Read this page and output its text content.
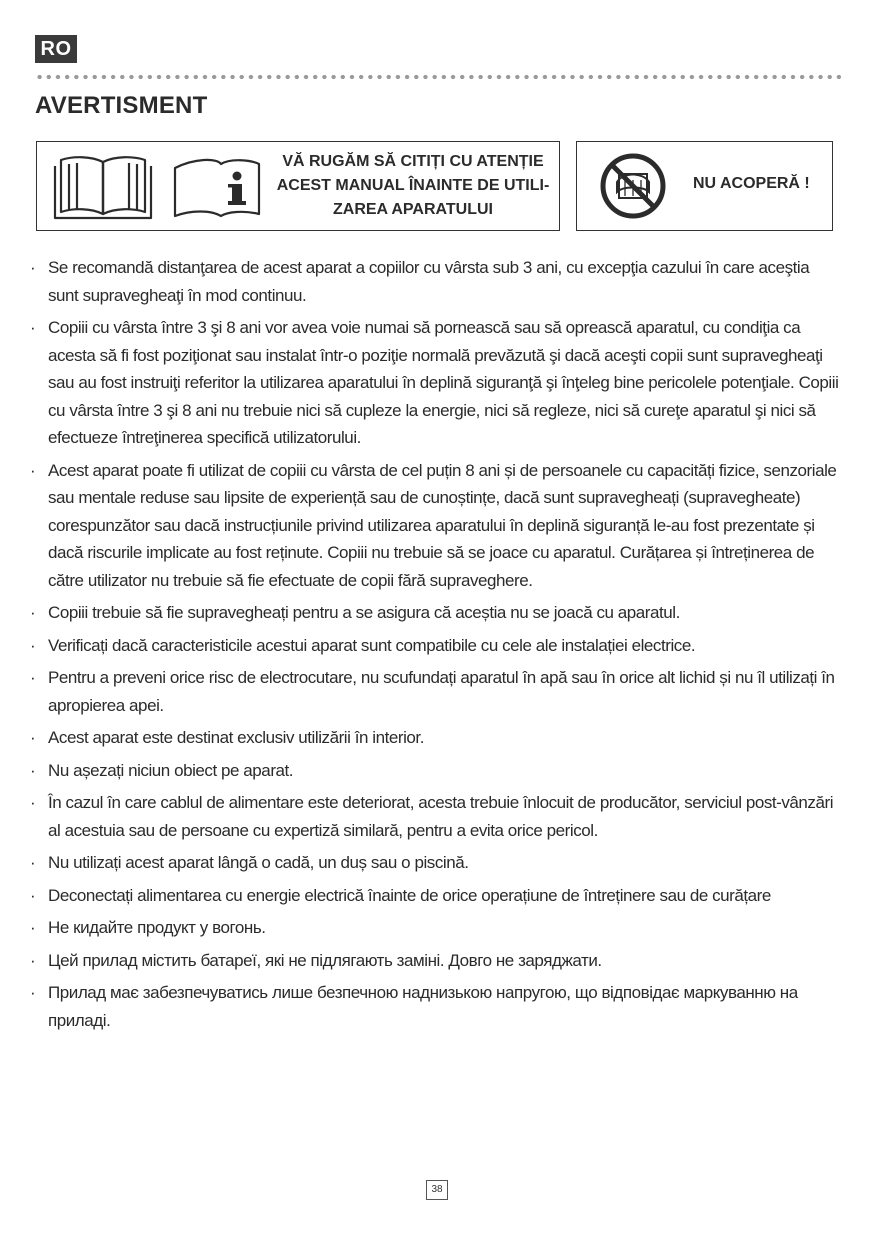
RO
AVERTISMENT
VĂ RUGĂM SĂ CITIȚI CU ATENȚIE
ACEST MANUAL ÎNAINTE DE UTILI-
ZAREA APARATULUI
NU ACOPERĂ !
· Se recomandă distanţarea de acest aparat a copiilor cu vârsta sub 3 ani, cu excepţia cazului în care aceştia sunt supravegheaţi în mod continuu.
· Copiii cu vârsta între 3 şi 8 ani vor avea voie numai să pornească sau să oprească aparatul, cu condiţia ca acesta să fi fost poziţionat sau instalat într-o poziţie normală prevăzută şi dacă aceşti copii sunt supravegheaţi sau au fost instruiţi referitor la utilizarea aparatului în deplină siguranţă şi înţeleg bine pericolele potenţiale. Copiii cu vârsta între 3 şi 8 ani nu trebuie nici să cupleze la energie, nici să regleze, nici să cureţe aparatul şi nici să efectueze întreţinerea specifică utilizatorului.
· Acest aparat poate fi utilizat de copiii cu vârsta de cel puțin 8 ani și de persoanele cu capacități fizice, senzoriale sau mentale reduse sau lipsite de experiență sau de cunoștințe, dacă sunt supravegheați (supravegheate) corespunzător sau dacă instrucțiunile privind utilizarea aparatului în deplină siguranță le-au fost prezentate și dacă riscurile implicate au fost reținute. Copiii nu trebuie să se joace cu aparatul. Curățarea și întreținerea de către utilizator nu trebuie să fie efectuate de copii fără supraveghere.
· Copiii trebuie să fie supravegheați pentru a se asigura că aceștia nu se joacă cu aparatul.
· Verificați dacă caracteristicile acestui aparat sunt compatibile cu cele ale instalației electrice.
· Pentru a preveni orice risc de electrocutare, nu scufundați aparatul în apă sau în orice alt lichid și nu îl utilizați în apropierea apei.
· Acest aparat este destinat exclusiv utilizării în interior.
· Nu așezați niciun obiect pe aparat.
· În cazul în care cablul de alimentare este deteriorat, acesta trebuie înlocuit de producător, serviciul post-vânzări al acestuia sau de persoane cu expertiză similară, pentru a evita orice pericol.
· Nu utilizați acest aparat lângă o cadă, un duș sau o piscină.
· Deconectați alimentarea cu energie electrică înainte de orice operațiune de întreținere sau de curățare
· Не кидайте продукт у вогонь.
· Цей прилад містить батареї, які не підлягають заміні. Довго не заряджати.
· Прилад має забезпечуватись лише безпечною наднизькою напругою, що відповідає маркуванню на приладі.
38
